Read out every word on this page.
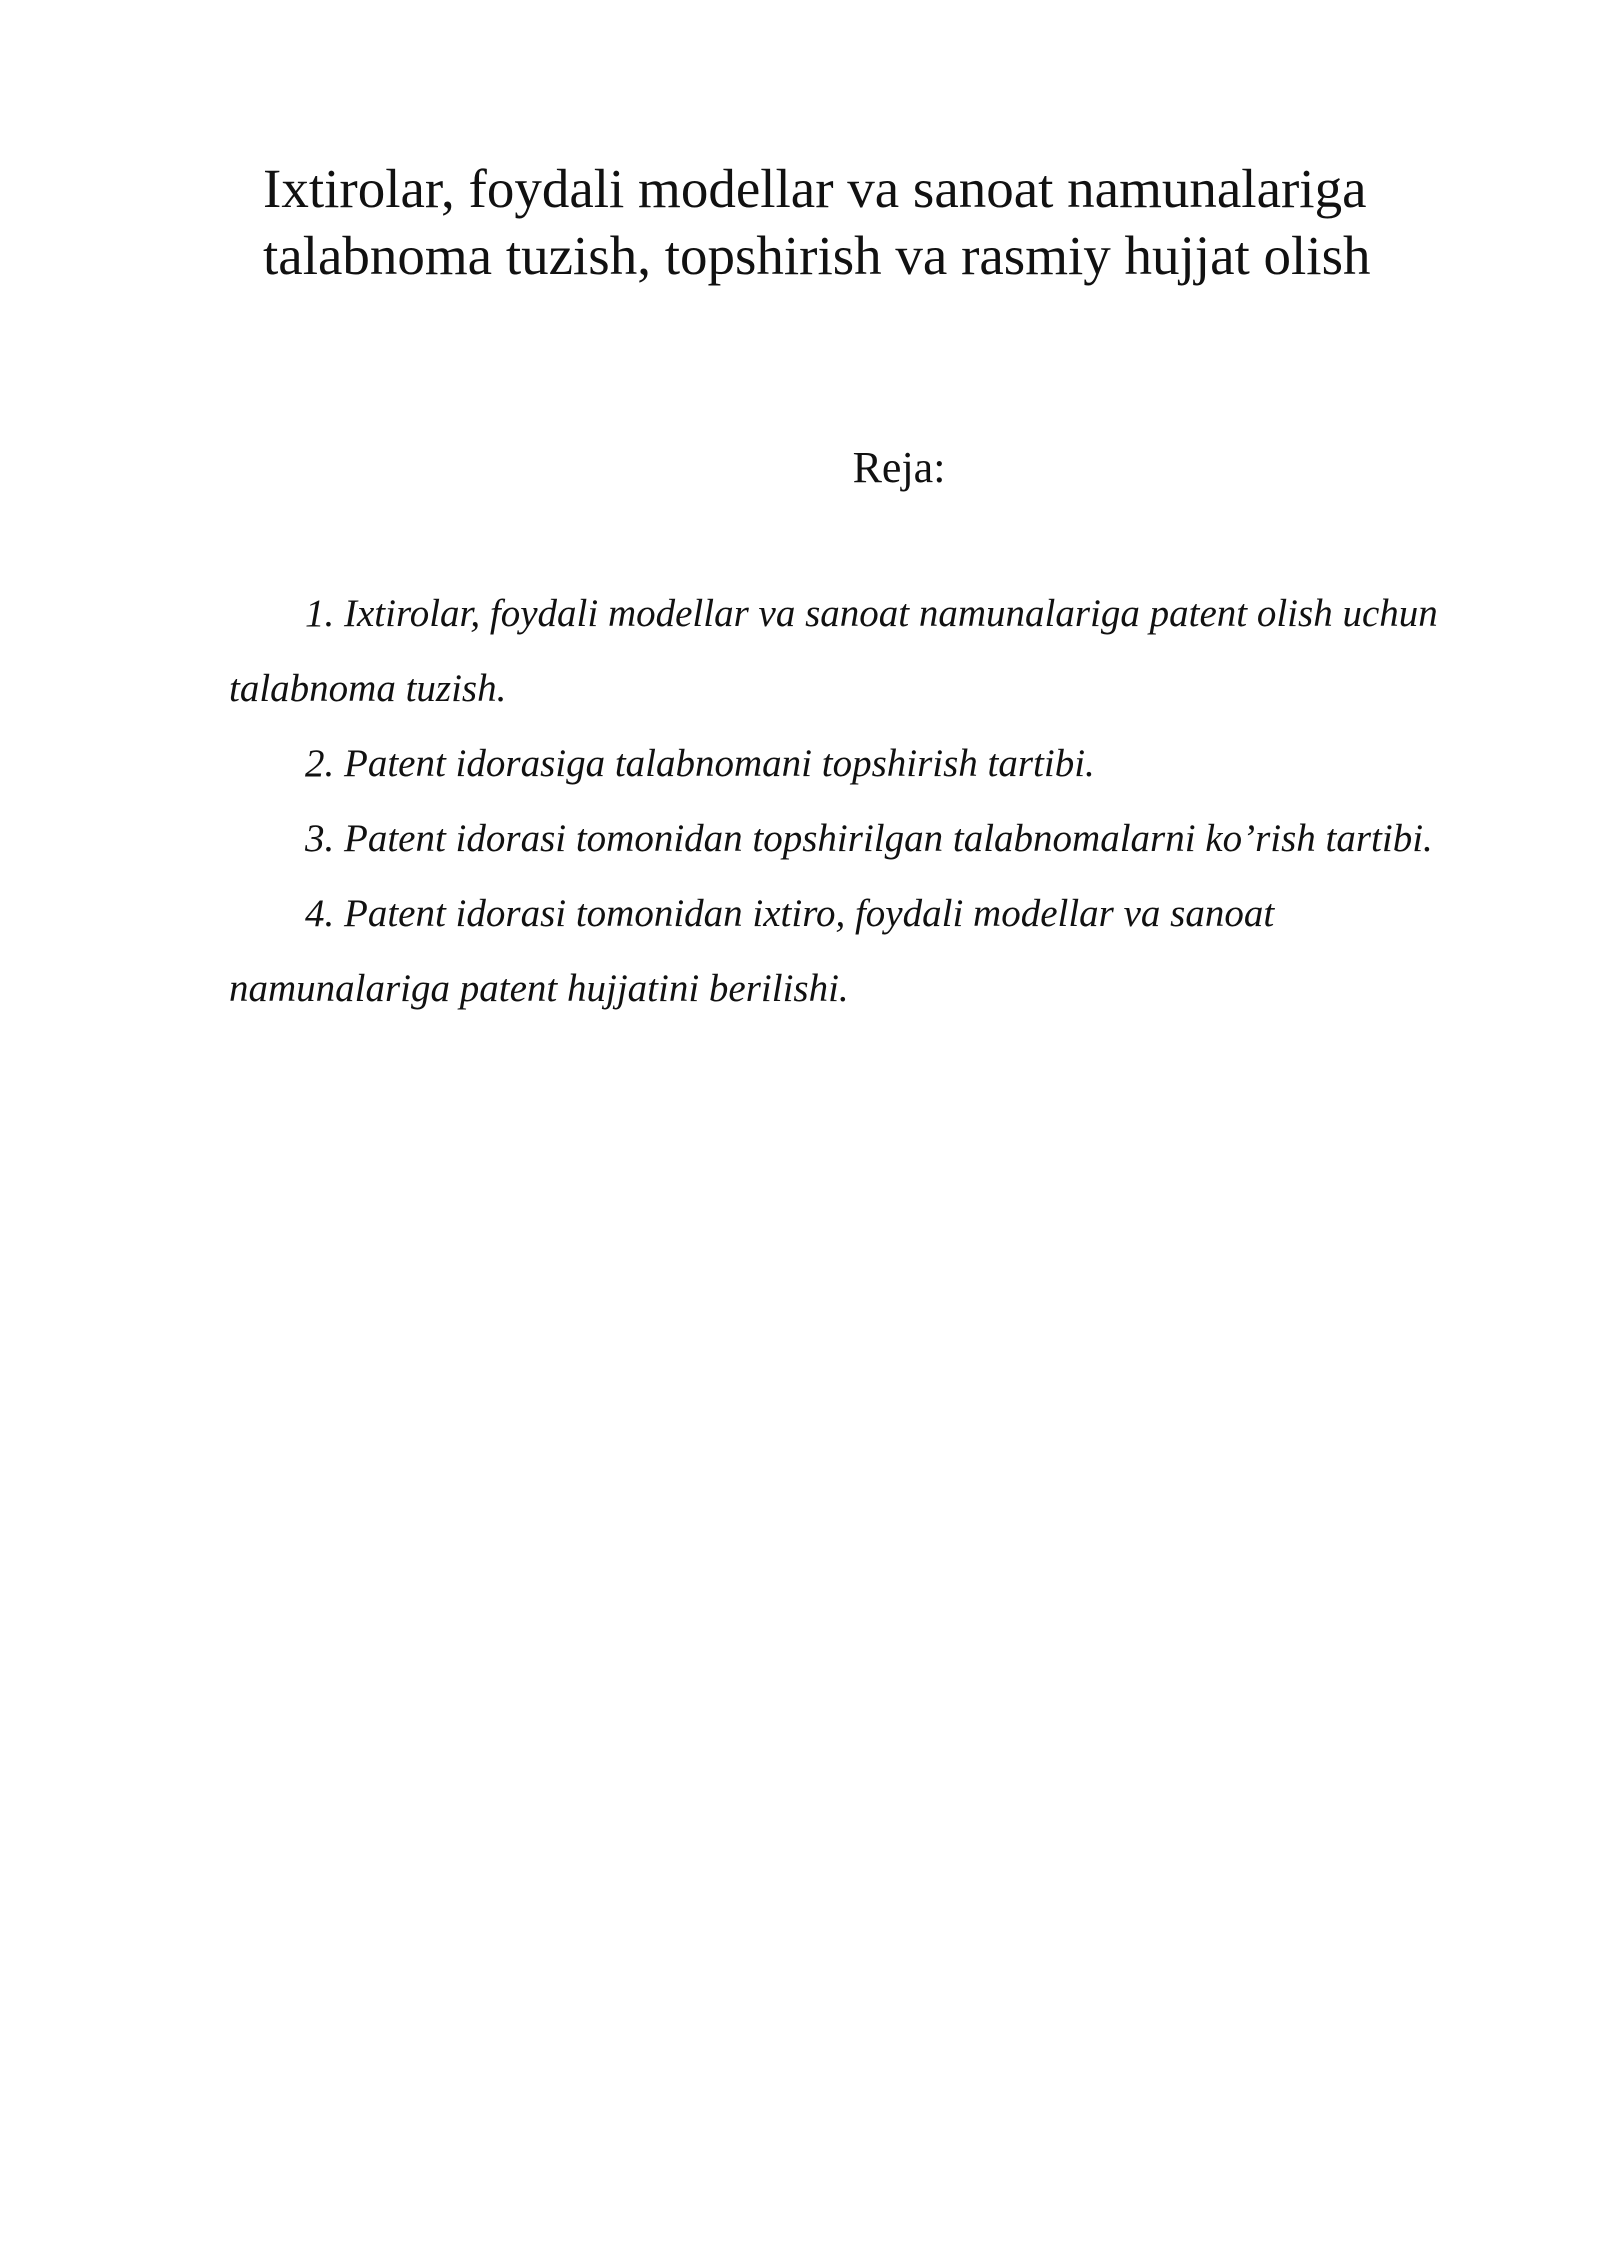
Ixtirolar, foydali modellar va sanoat namunalariga
talabnoma tuzish, topshirish va rasmiy hujjat olish

Reja:

1. Ixtirolar, foydali modellar va sanoat namunalariga patent olish uchun talabnoma tuzish.
2. Patent idorasiga talabnomani topshirish tartibi.
3. Patent idorasi tomonidan topshirilgan talabnomalarni ko’rish tartibi.
4. Patent idorasi tomonidan ixtiro, foydali modellar va sanoat namunalariga patent hujjatini berilishi.
